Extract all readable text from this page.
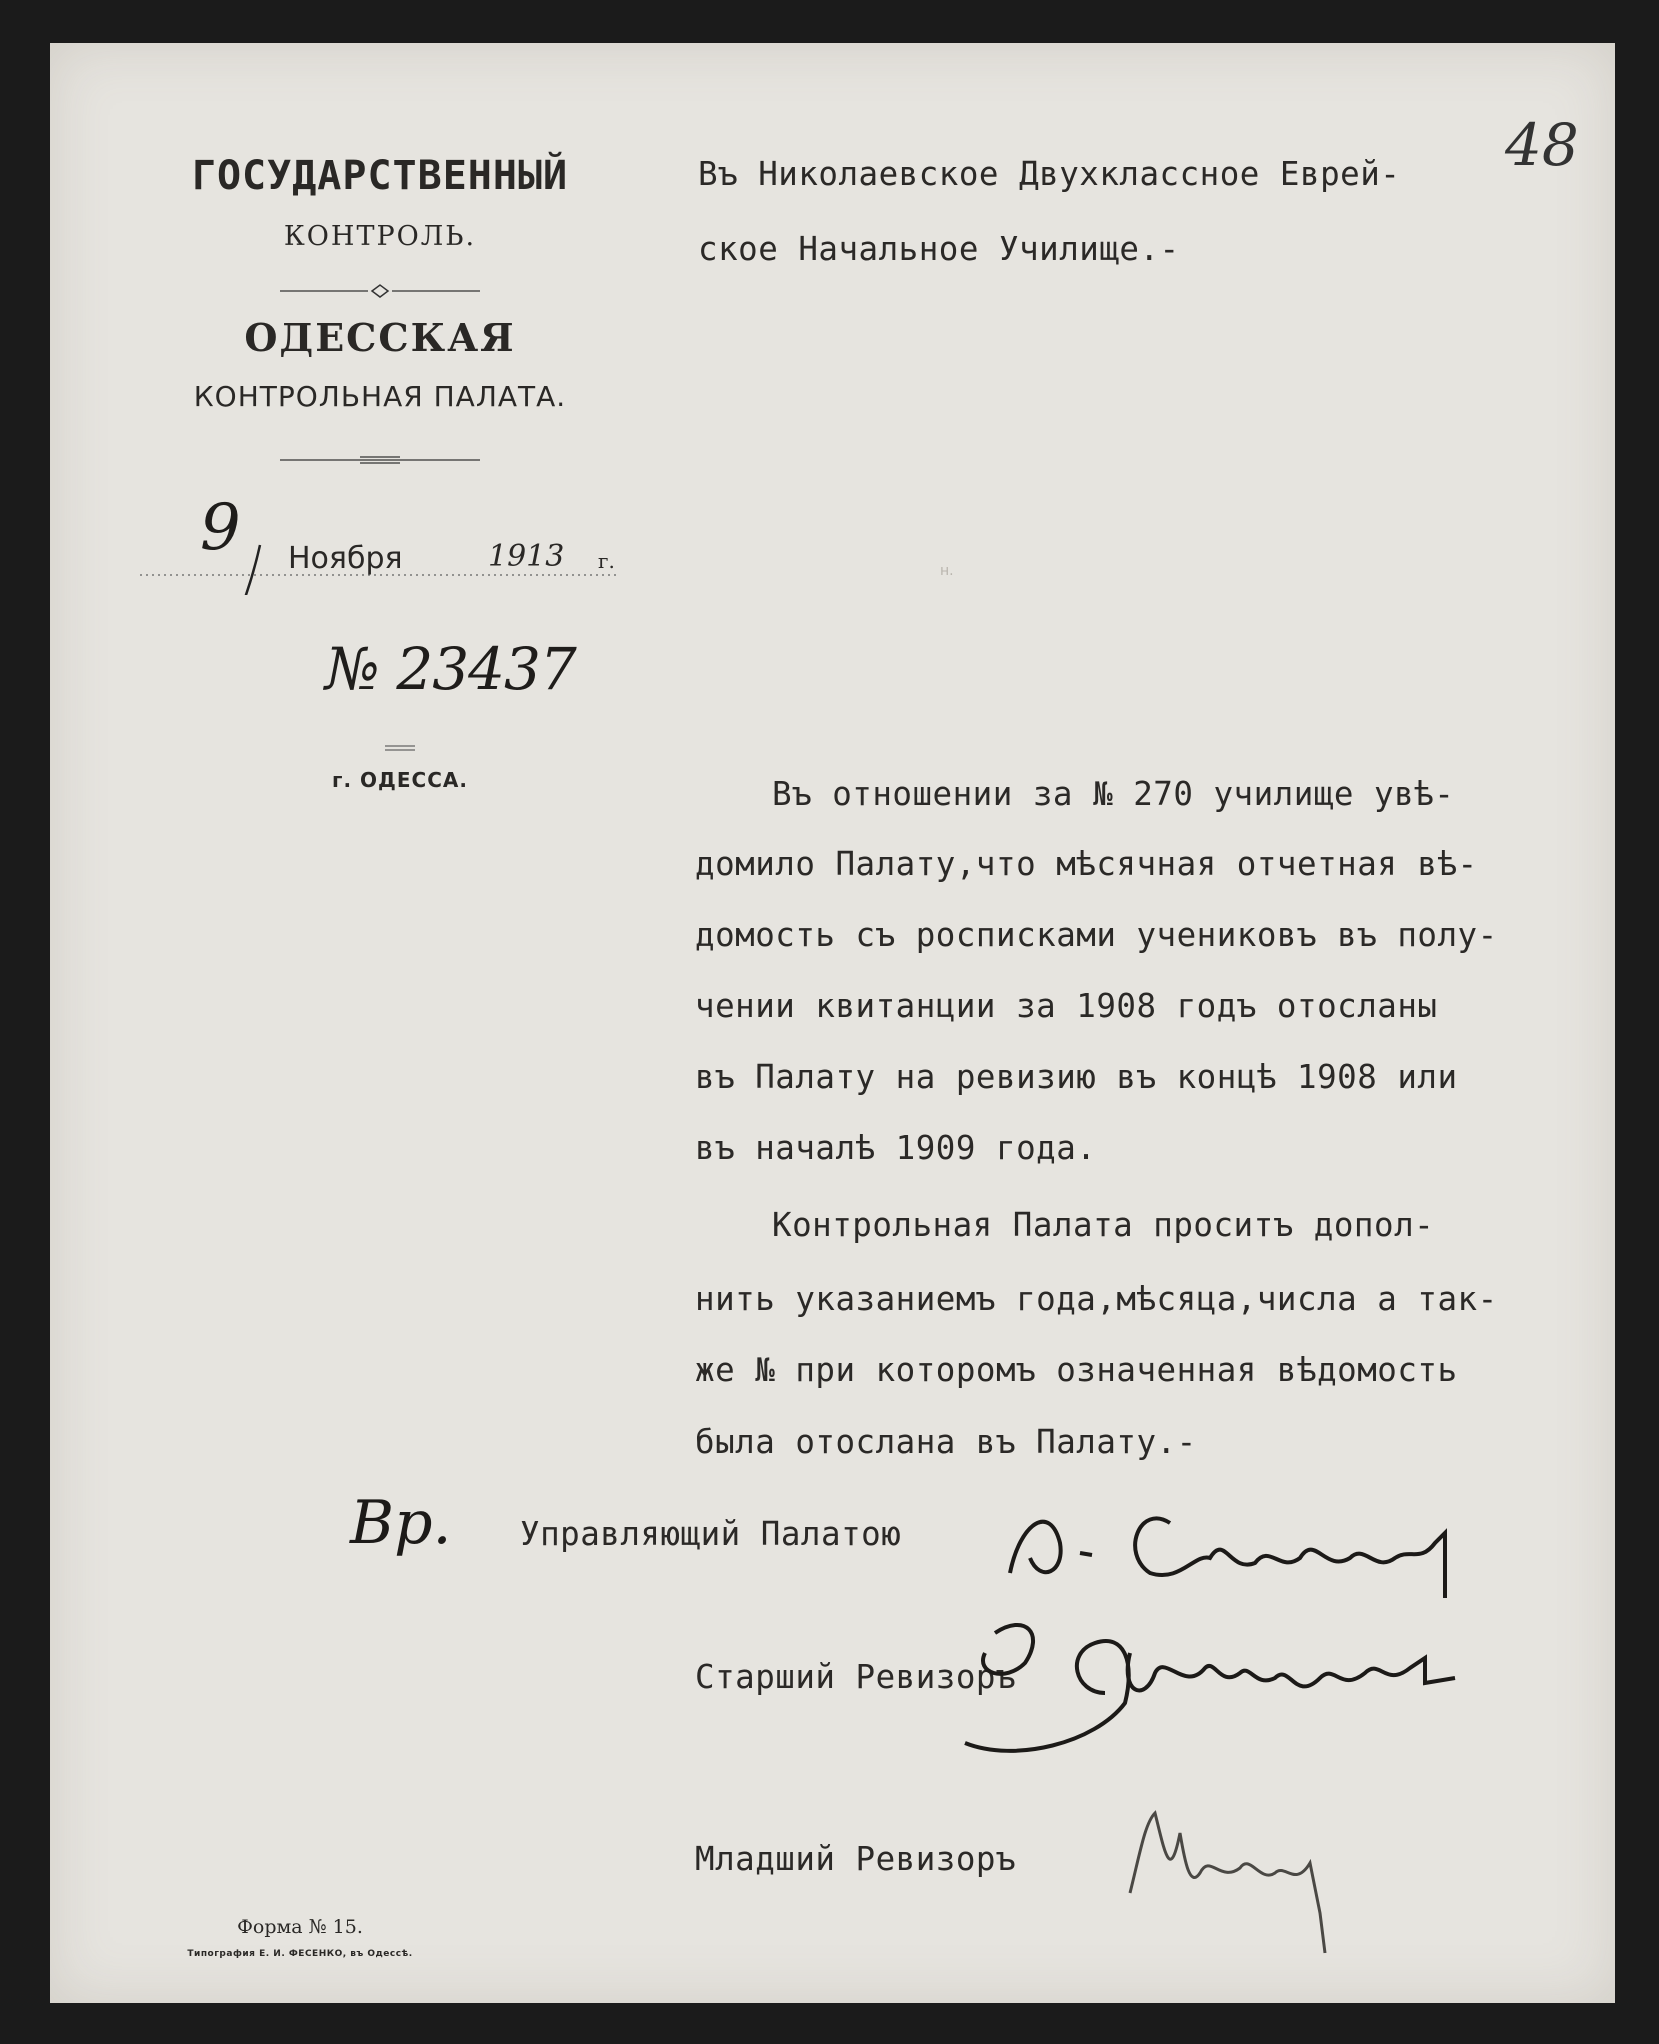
48
ГОСУДАРСТВЕННЫЙ
КОНТРОЛЬ.
ОДЕССКАЯ
КОНТРОЛЬНАЯ ПАЛАТА.
9 Ноября	1913 г.
№ 23437
г. ОДЕССА.
Форма № 15.
Типография Е. И. ФЕСЕНКО, въ Одессѣ.
Въ Николаевское Двухклассное Еврей-
ское Начальное Училище.-
н.
Въ отношении за № 270 училище увѣ-
домило Палату,что мѣсячная отчетная вѣ-
домость съ росписками учениковъ въ полу-
чении квитанции за 1908 годъ отосланы
въ Палату на ревизию въ концѣ 1908 или
въ началѣ 1909 года.
Контрольная Палата проситъ допол-
нить указаниемъ года,мѣсяца,числа а так-
же № при которомъ означенная вѣдомость
была отослана въ Палату.-
Вр. Управляющий Палатою
Старший Ревизоръ
Младший Ревизоръ
